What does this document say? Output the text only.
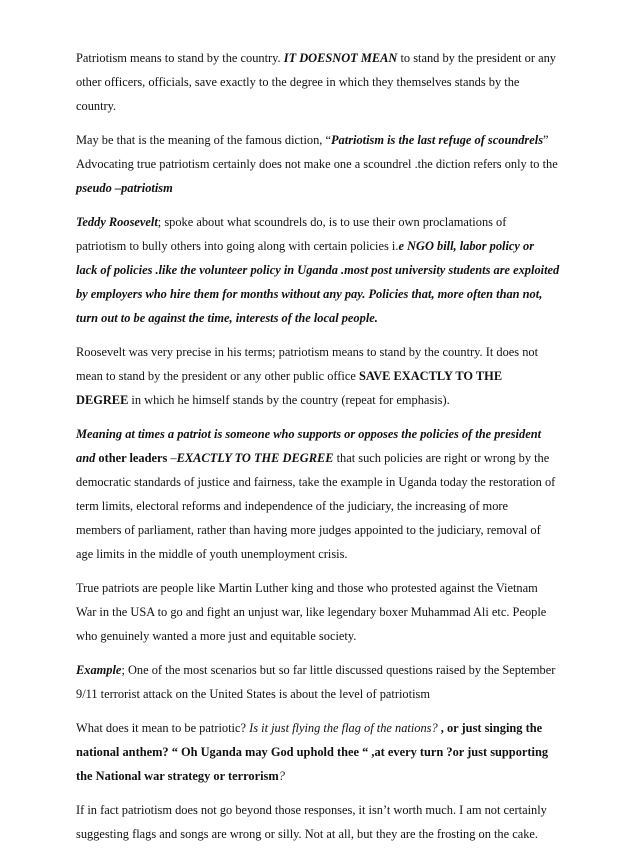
Patriotism means to stand by the country. IT DOESNOT MEAN to stand by the president or any
other officers, officials, save exactly to the degree in which they themselves stands by the
country.

May be that is the meaning of the famous diction, “Patriotism is the last refuge of scoundrels”
Advocating true patriotism certainly does not make one a scoundrel .the diction refers only to the
pseudo –patriotism

Teddy Roosevelt; spoke about what scoundrels do, is to use their own proclamations of
patriotism to bully others into going along with certain policies i.e NGO bill, labor policy or
lack of policies .like the volunteer policy in Uganda .most post university students are exploited
by employers who hire them for months without any pay. Policies that, more often than not,
turn out to be against the time, interests of the local people.

Roosevelt was very precise in his terms; patriotism means to stand by the country. It does not
mean to stand by the president or any other public office SAVE EXACTLY TO THE
DEGREE in which he himself stands by the country (repeat for emphasis).

Meaning at times a patriot is someone who supports or opposes the policies of the president
and other leaders –EXACTLY TO THE DEGREE that such policies are right or wrong by the
democratic standards of justice and fairness, take the example in Uganda today the restoration of
term limits, electoral reforms and independence of the judiciary, the increasing of more
members of parliament, rather than having more judges appointed to the judiciary, removal of
age limits in the middle of youth unemployment crisis.

True patriots are people like Martin Luther king and those who protested against the Vietnam
War in the USA to go and fight an unjust war, like legendary boxer Muhammad Ali etc. People
who genuinely wanted a more just and equitable society.

Example; One of the most scenarios but so far little discussed questions raised by the September
9/11 terrorist attack on the United States is about the level of patriotism

What does it mean to be patriotic? Is it just flying the flag of the nations? , or just singing the
national anthem? “ Oh Uganda may God uphold thee “ ,at every turn ?or just supporting
the National war strategy or terrorism?

If in fact patriotism does not go beyond those responses, it isn’t worth much. I am not certainly
suggesting flags and songs are wrong or silly. Not at all, but they are the frosting on the cake.
